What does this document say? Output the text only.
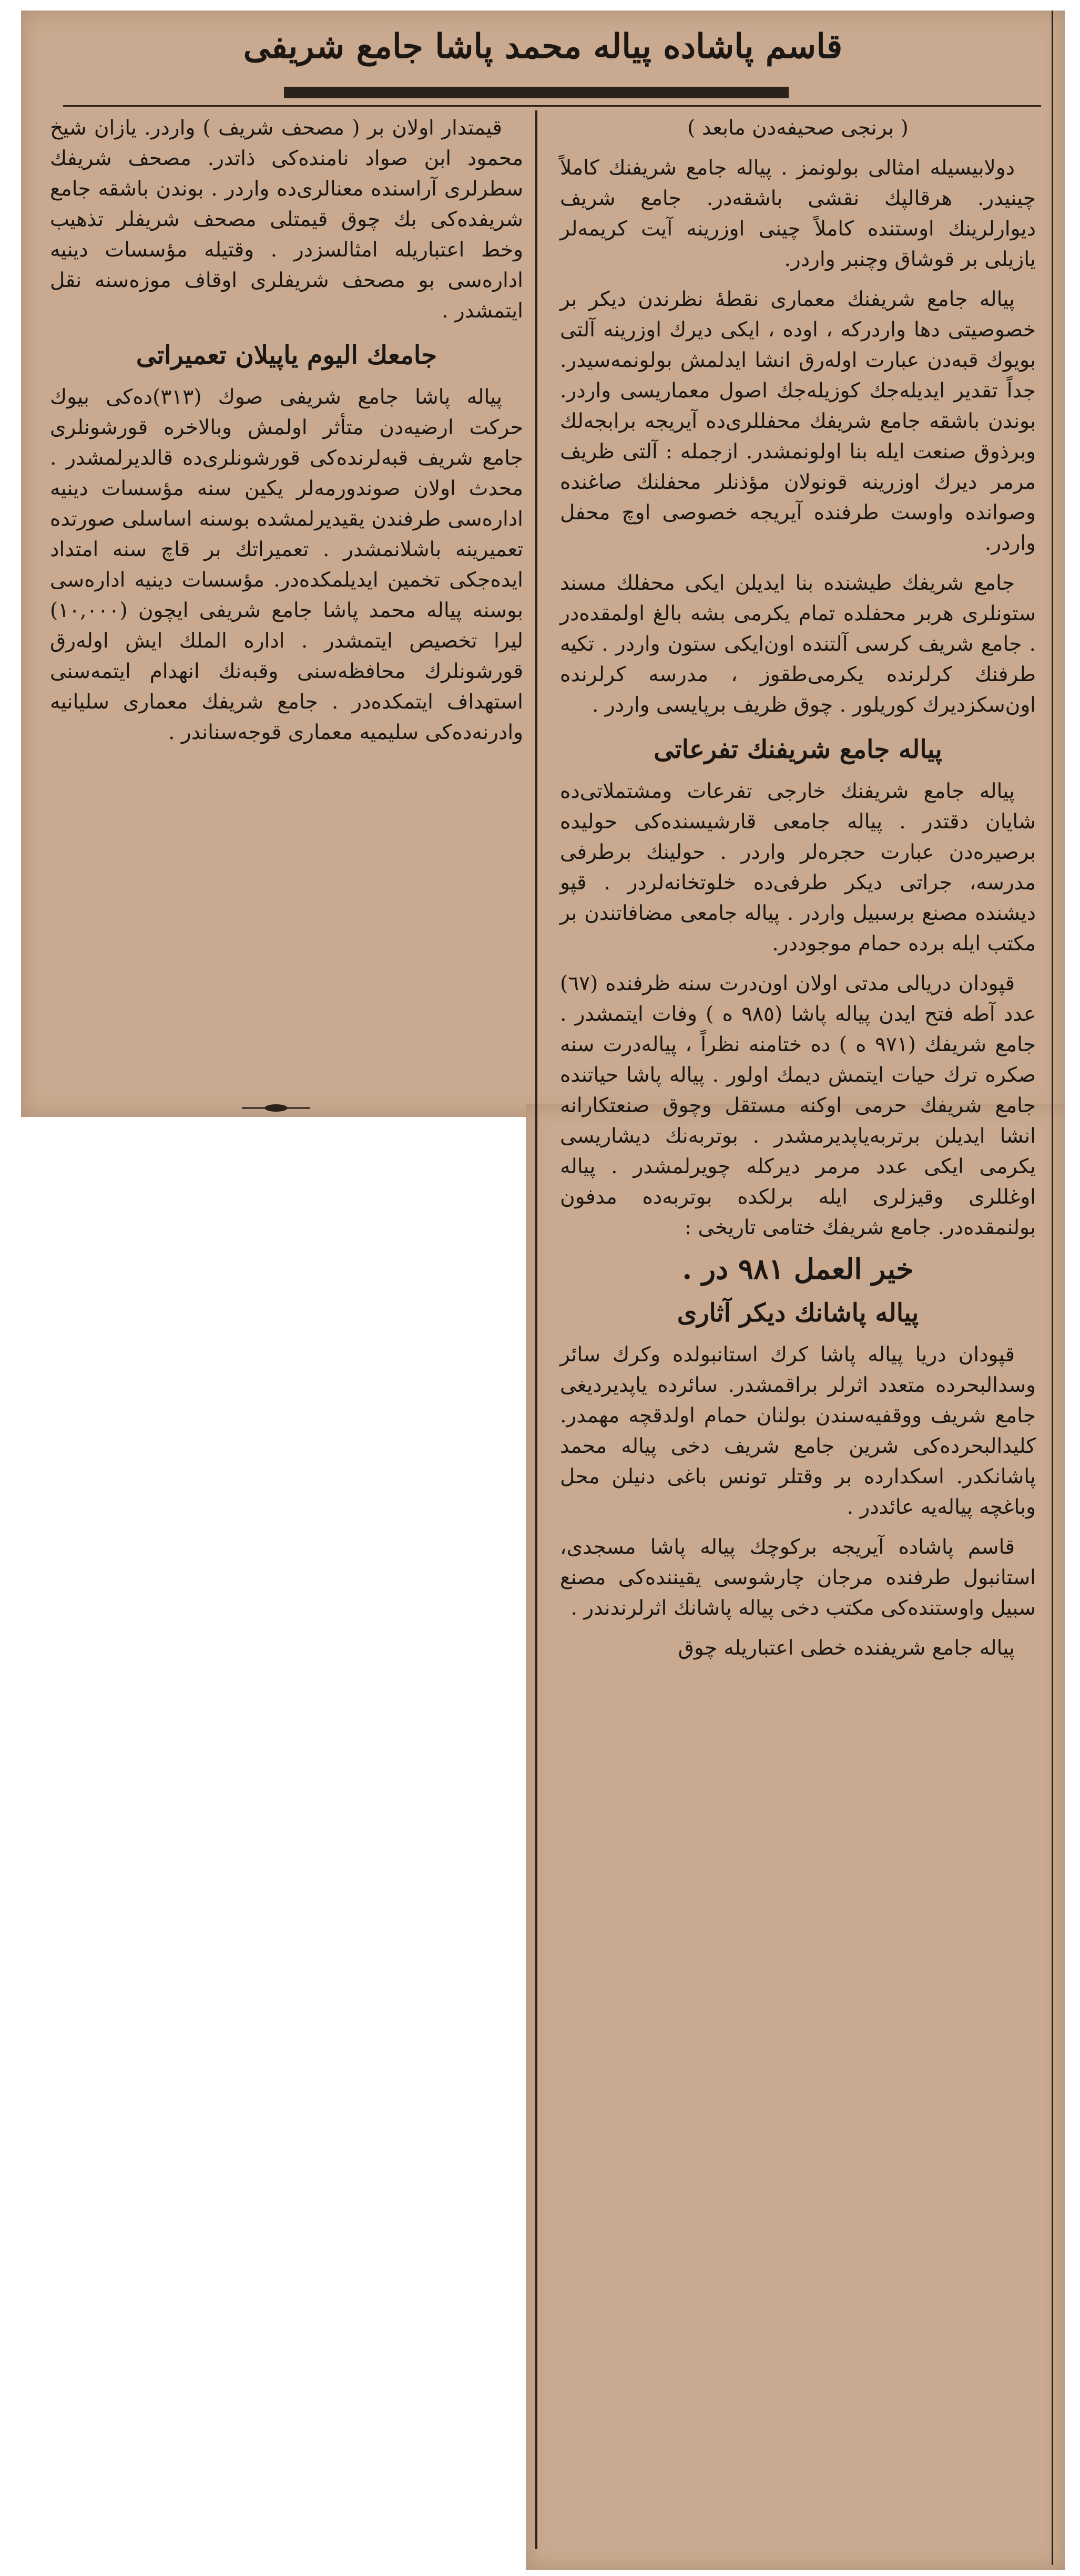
قاسم پاشاده پیاله محمد پاشا جامع شریفی

( برنجی صحیفه‌دن مابعد )

دولابیسیله امثالی بولونمز . پیاله جامع شریفنك كاملاً چینیدر. هرقالپك نقشی باشقه‌در. جامع شریف دیوارلرینك اوستنده كاملاً چینی اوزرینه آیت كریمه‌لر یازیلی بر قوشاق وچنبر واردر.

پیاله جامع شریفنك معماری نقطهٔ نظرندن دیكر بر خصوصیتی دها واردركه ، اوده ، ایكی دیرك اوزرینه آلتی بویوك قبه‌دن عبارت اولەرق انشا ایدلمش بولونمه‌سیدر. جداً تقدیر ایدیله‌جك كوزیله‌جك اصول معماریسی واردر. بوندن باشقه جامع شریفك محفللری‌ده آیریجه برابجه‌لك وبرذوق صنعت ایله بنا اولونمشدر. ازجمله : آلتی ظریف مرمر دیرك اوزرینه قونولان مؤذنلر محفلنك صاغنده وصوانده واوست طرفنده آیریجه خصوصی اوچ محفل واردر.

جامع شریفك طیشنده بنا ایدیلن ایكی محفلك مسند ستونلری هربر محفلده تمام یكرمی بشه بالغ اولمقده‌در . جامع شریف كرسی آلتنده اون‌ایكی ستون واردر . تكیه طرفنك كرلرنده یكرمی‌طقوز ، مدرسه كرلرنده اون‌سكزدیرك كوریلور . چوق ظریف بر‌پایسی واردر .

پیاله جامع شریفنك تفرعاتی

پیاله جامع شریفنك خارجی تفرعات ومشتملاتی‌ده شایان دقتدر . پیاله جامعی قارشیسنده‌كی حولیده برصیره‌دن عبارت حجره‌لر واردر . حولینك برطرفی مدرسه، جراتی دیكر طرفی‌ده خلوتخانه‌لردر . قپو دیشنده مصنع برسبیل واردر . پیاله جامعی مضافاتندن بر مكتب ایله برده حمام موجوددر.

قپودان دریالی مدتی اولان اون‌درت سنه ظرفنده (٦٧) عدد آطه فتح ایدن پیاله پاشا (٩٨٥ ه ) وفات ایتمشدر . جامع شریفك (٩٧١ ه ) ده ختامنه نظراً ، پیاله‌درت سنه صكره ترك حیات ایتمش دیمك اولور . پیاله پاشا حیاتنده جامع شریفك حرمی اوكنه مستقل وچوق صنعتكارانه انشا ایدیلن برتربه‌یاپدیرمشدر . بوتربه‌نك دیشاریسی یكرمی ایكی عدد مرمر دیركله چویرلمشدر . پیاله اوغللری وقیزلری ایله برلكده بوتربه‌ده مدفون بولنمقده‌در. جامع شریفك ختامی تاریخی :

خیر العمل ٩٨١ در .

پیاله پاشانك دیكر آثاری

قپودان دریا پیاله پاشا كرك استانبولده وكرك سائر وسدالبحرده متعدد اثرلر براقمشدر. سائرده یاپدیردیغی جامع شریف ووقفیه‌سندن بولنان حمام اولدقچه مهمدر. كلیدالبحرده‌كی شرین جامع شریف دخی پیاله محمد پاشانكدر. اسكدارده بر وقتلر تونس باغی دنیلن محل وباغچه پیاله‌یه عائددر .

قاسم پاشاده آیریجه بركوچك پیاله پاشا مسجدی، استانبول طرفنده مرجان چارشوسی یقیننده‌كی مصنع سبیل واوستنده‌كی مكتب دخی پیاله پاشانك اثرلرندندر .

پیاله جامع شریفنده خطی اعتباریله چوق

قیمتدار اولان بر ( مصحف شریف ) واردر. یازان شیخ محمود ابن صواد نامنده‌كی ذاتدر. مصحف شریفك سطرلری آراسنده معنالری‌ده واردر . بوندن باشقه جامع شریفده‌كی بك چوق قیمتلی مصحف شریفلر تذهیب وخط اعتباریله امثالسزدر . وقتیله مؤسسات دینیه اداره‌سی بو مصحف شریفلری اوقاف موزه‌سنه نقل ایتمشدر .

جامعك الیوم یاپیلان تعمیراتی

پیاله پاشا جامع شریفی صوك (٣١٣)ده‌كی بیوك حركت ارضیه‌دن متأثر اولمش وبالاخره قورشونلری جامع شریف قبه‌لرنده‌كی قورشونلری‌ده قالدیرلمشدر . محدث اولان صوندورمه‌لر یكین سنه مؤسسات دینیه اداره‌سی طرفندن یقیدیرلمشده بوسنه اساسلی صورتده تعمیرینه باشلانمشدر . تعمیراتك بر قاچ سنه امتداد ایده‌جكی تخمین ایدیلمكده‌در. مؤسسات دینیه اداره‌سی بوسنه پیاله محمد پاشا جامع شریفی ایچون (١٠,٠٠٠) لیرا تخصیص ایتمشدر . اداره الملك ایش اولەرق قورشونلرك محافظه‌سنی وقبه‌نك انهدام ایتمه‌سنی استهداف ایتمكده‌در . جامع شریفك معماری سلیانیه‌ وادرنه‌ده‌كی سلیمیه معماری قوجه‌سناندر .
